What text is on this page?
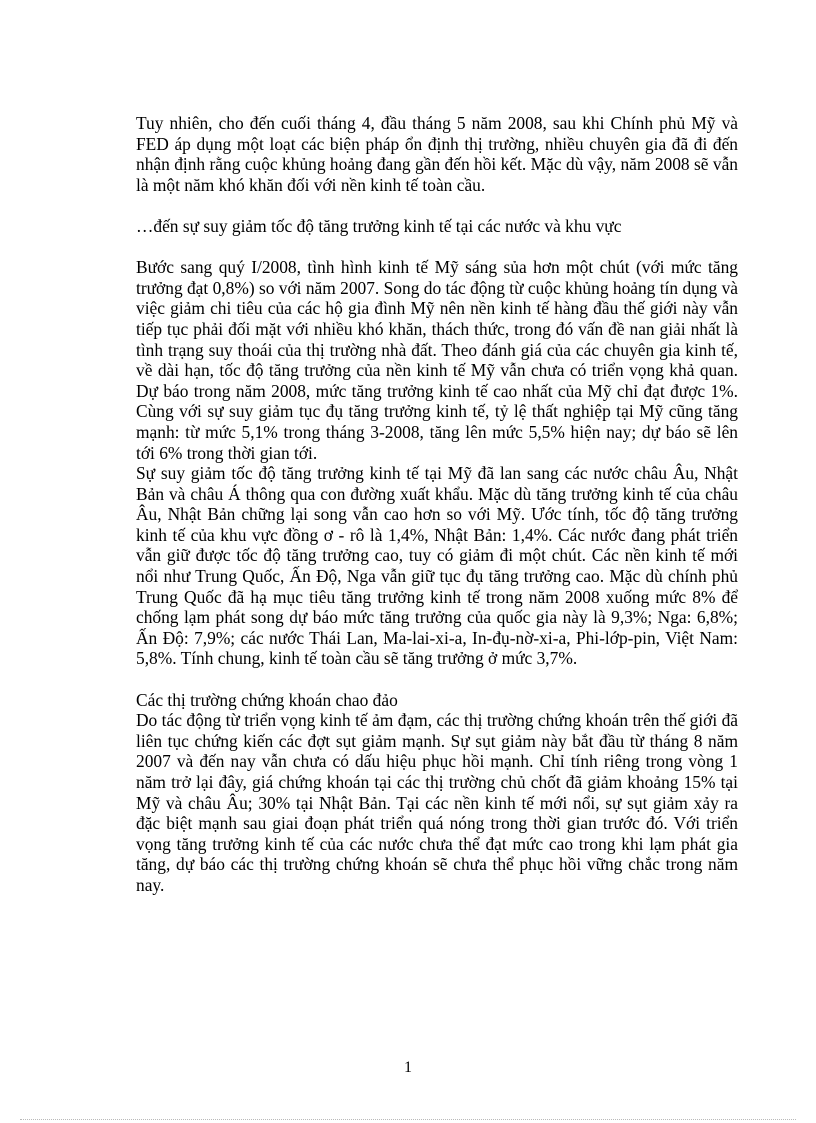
Tuy nhiên, cho đến cuối tháng 4, đầu tháng 5 năm 2008, sau khi Chính phủ Mỹ và FED áp dụng một loạt các biện pháp ổn định thị trường, nhiều chuyên gia đã đi đến nhận định rằng cuộc khủng hoảng đang gần đến hồi kết. Mặc dù vậy, năm 2008 sẽ vẫn là một năm khó khăn đối với nền kinh tế toàn cầu.

…đến sự suy giảm tốc độ tăng trưởng kinh tế tại các nước và khu vực

Bước sang quý I/2008, tình hình kinh tế Mỹ sáng sủa hơn một chút (với mức tăng trưởng đạt 0,8%) so với năm 2007. Song do tác động từ cuộc khủng hoảng tín dụng và việc giảm chi tiêu của các hộ gia đình Mỹ nên nền kinh tế hàng đầu thế giới này vẫn tiếp tục phải đối mặt với nhiều khó khăn, thách thức, trong đó vấn đề nan giải nhất là tình trạng suy thoái của thị trường nhà đất. Theo đánh giá của các chuyên gia kinh tế, về dài hạn, tốc độ tăng trưởng của nền kinh tế Mỹ vẫn chưa có triển vọng khả quan. Dự báo trong năm 2008, mức tăng trưởng kinh tế cao nhất của Mỹ chỉ đạt được 1%. Cùng với sự suy giảm tục đụ tăng trưởng kinh tế, tỷ lệ thất nghiệp tại Mỹ cũng tăng mạnh: từ mức 5,1% trong tháng 3-2008, tăng lên mức 5,5% hiện nay; dự báo sẽ lên tới 6% trong thời gian tới.

Sự suy giảm tốc độ tăng trưởng kinh tế tại Mỹ đã lan sang các nước châu Âu, Nhật Bản và châu Á thông qua con đường xuất khẩu. Mặc dù tăng trưởng kinh tế của châu Âu, Nhật Bản chững lại song vẫn cao hơn so với Mỹ. Ước tính, tốc độ tăng trưởng kinh tế của khu vực đồng ơ - rô là 1,4%, Nhật Bản: 1,4%. Các nước đang phát triển vẫn giữ được tốc độ tăng trưởng cao, tuy có giảm đi một chút. Các nền kinh tế mới nổi như Trung Quốc, Ấn Độ, Nga vẫn giữ tục đụ tăng trưởng cao. Mặc dù chính phủ Trung Quốc đã hạ mục tiêu tăng trưởng kinh tế trong năm 2008 xuống mức 8% để chống lạm phát song dự báo mức tăng trưởng của quốc gia này là 9,3%; Nga: 6,8%; Ấn Độ: 7,9%; các nước Thái Lan, Ma-lai-xi-a, In-đụ-nờ-xi-a, Phi-lớp-pin, Việt Nam: 5,8%. Tính chung, kinh tế toàn cầu sẽ tăng trưởng ở mức 3,7%.

Các thị trường chứng khoán chao đảo

Do tác động từ triển vọng kinh tế ảm đạm, các thị trường chứng khoán trên thế giới đã liên tục chứng kiến các đợt sụt giảm mạnh. Sự sụt giảm này bắt đầu từ tháng 8 năm 2007 và đến nay vẫn chưa có dấu hiệu phục hồi mạnh. Chỉ tính riêng trong vòng 1 năm trở lại đây, giá chứng khoán tại các thị trường chủ chốt đã giảm khoảng 15% tại Mỹ và châu Âu; 30% tại Nhật Bản. Tại các nền kinh tế mới nổi, sự sụt giảm xảy ra đặc biệt mạnh sau giai đoạn phát triển quá nóng trong thời gian trước đó. Với triển vọng tăng trưởng kinh tế của các nước chưa thể đạt mức cao trong khi lạm phát gia tăng, dự báo các thị trường chứng khoán sẽ chưa thể phục hồi vững chắc trong năm nay.

1
